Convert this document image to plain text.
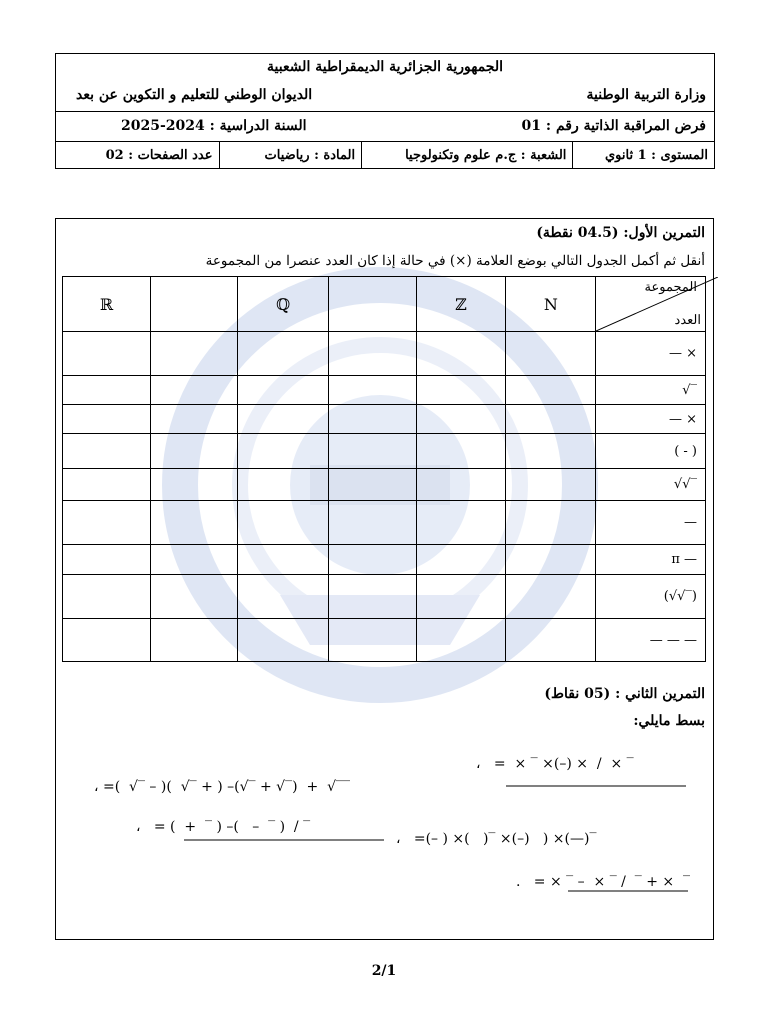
الجمهورية الجزائرية الديمقراطية الشعبية
وزارة التربية الوطنية
الديوان الوطني للتعليم و التكوين عن بعد
فرض المراقبة الذاتية رقم : 01
السنة الدراسية : 2024-2025
المستوى : 1 ثانوي
الشعبة : ج.م علوم وتكنولوجيا
المادة : رياضيات
عدد الصفحات : 02
التمرين الأول: (04.5 نقطة)
أنقل ثم أكمل الجدول التالي بوضع العلامة (×) في حالة إذا كان العدد عنصرا من المجموعة
ℝ		ℚ		ℤ	N	المجموعة
العدد

						— ×
						√‾
						— ×
						( - )
						√√‾
						—
						π —
						(√√‾)
						— — —
التمرين الثاني : (05 نقاط)
بسط مايلي:
، =(  √‾ – )(  √‾ + ) –(√‾ + √‾)  +  √‾‾
،   =  × ‾ ×(–) ×  /  × ‾
،   = (  +  ‾ ) –(   –  ‾ )  / ‾
،   =(– ) ×(   )‾ ×(–)   ) ×(—)‾
.   = × ‾ –  × ‾ /  ‾ + ×  ‾
2/1
